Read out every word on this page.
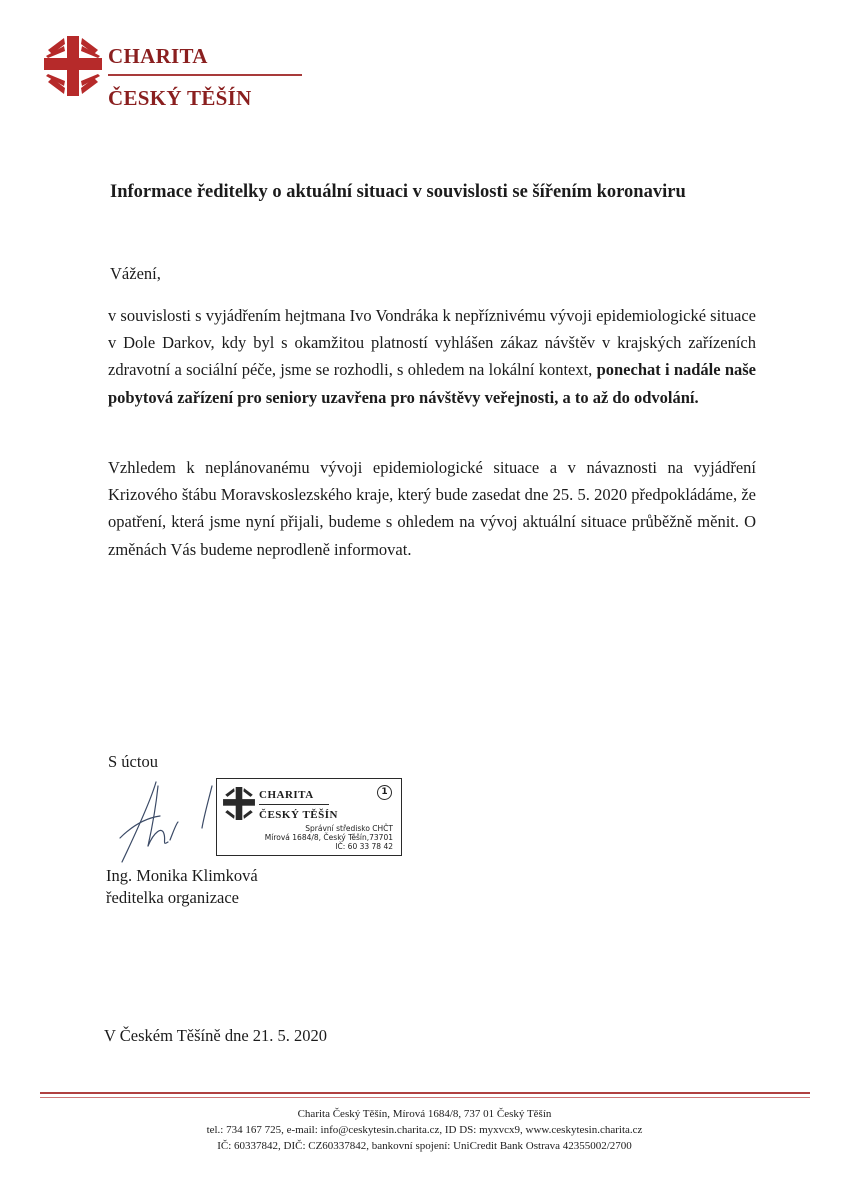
CHARITA
ČESKÝ TĚŠÍN
Informace ředitelky o aktuální situaci v souvislosti se šířením koronaviru
Vážení,
v souvislosti s vyjádřením hejtmana Ivo Vondráka k nepříznivému vývoji epidemiologické situace v Dole Darkov, kdy byl s okamžitou platností vyhlášen zákaz návštěv v krajských zařízeních zdravotní a sociální péče, jsme se rozhodli, s ohledem na lokální kontext, ponechat i nadále naše pobytová zařízení pro seniory uzavřena pro návštěvy veřejnosti, a to až do odvolání.
Vzhledem k neplánovanému vývoji epidemiologické situace a v návaznosti na vyjádření Krizového štábu Moravskoslezského kraje, který bude zasedat dne 25. 5. 2020 předpokládáme, že opatření, která jsme nyní přijali, budeme s ohledem na vývoj aktuální situace průběžně měnit. O změnách Vás budeme neprodleně informovat.
S úctou
CHARITA
ČESKÝ TĚŠÍN
1
Správní středisko CHČT
Mírová 1684/8, Český Těšín,73701
IČ: 60 33 78 42
Ing. Monika Klimková
ředitelka organizace
V Českém Těšíně dne 21. 5. 2020
Charita Český Těšín, Mírová 1684/8, 737 01 Český Těšín
tel.: 734 167 725, e-mail: info@ceskytesin.charita.cz, ID DS: myxvcx9, www.ceskytesin.charita.cz
IČ: 60337842, DIČ: CZ60337842, bankovní spojení: UniCredit Bank Ostrava 42355002/2700
